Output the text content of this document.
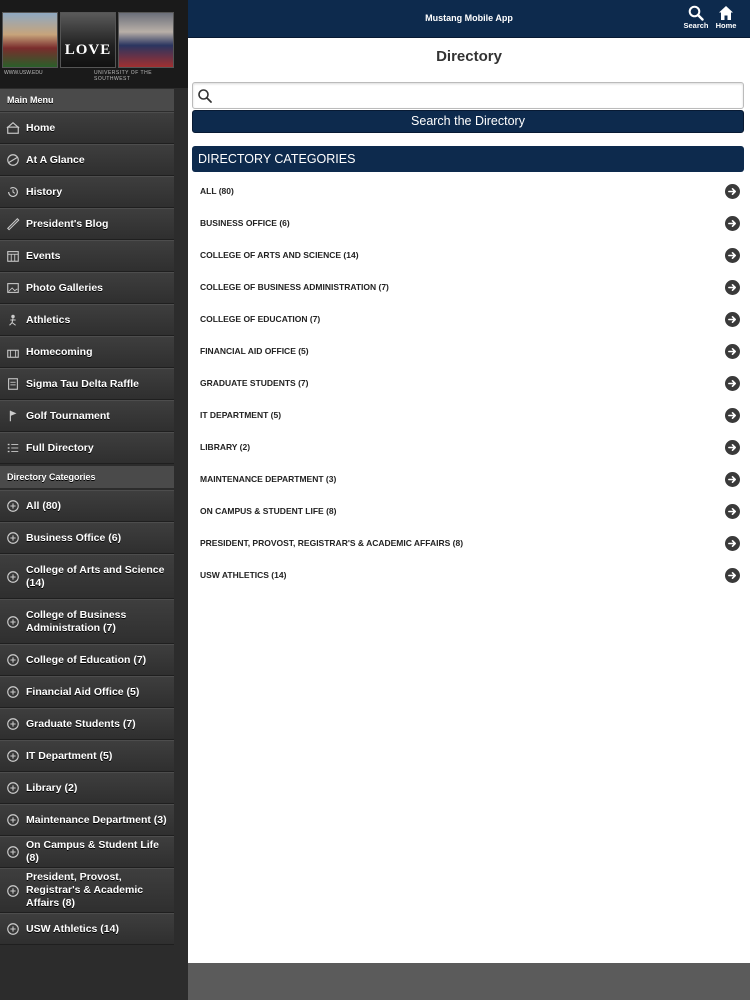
LOVE
WWW.USW.EDU	UNIVERSITY OF THE SOUTHWEST
Main Menu
Home
At A Glance
History
President's Blog
Events
Photo Galleries
Athletics
Homecoming
Sigma Tau Delta Raffle
Golf Tournament
Full Directory
Directory Categories
All (80)
Business Office (6)
College of Arts and Science (14)
College of Business Administration (7)
College of Education (7)
Financial Aid Office (5)
Graduate Students (7)
IT Department (5)
Library (2)
Maintenance Department (3)
On Campus & Student Life (8)
President, Provost, Registrar's & Academic Affairs (8)
USW Athletics (14)
Mustang Mobile App
Search Home
Directory
Search the Directory
DIRECTORY CATEGORIES
ALL (80)
BUSINESS OFFICE (6)
COLLEGE OF ARTS AND SCIENCE (14)
COLLEGE OF BUSINESS ADMINISTRATION (7)
COLLEGE OF EDUCATION (7)
FINANCIAL AID OFFICE (5)
GRADUATE STUDENTS (7)
IT DEPARTMENT (5)
LIBRARY (2)
MAINTENANCE DEPARTMENT (3)
ON CAMPUS & STUDENT LIFE (8)
PRESIDENT, PROVOST, REGISTRAR'S & ACADEMIC AFFAIRS (8)
USW ATHLETICS (14)
